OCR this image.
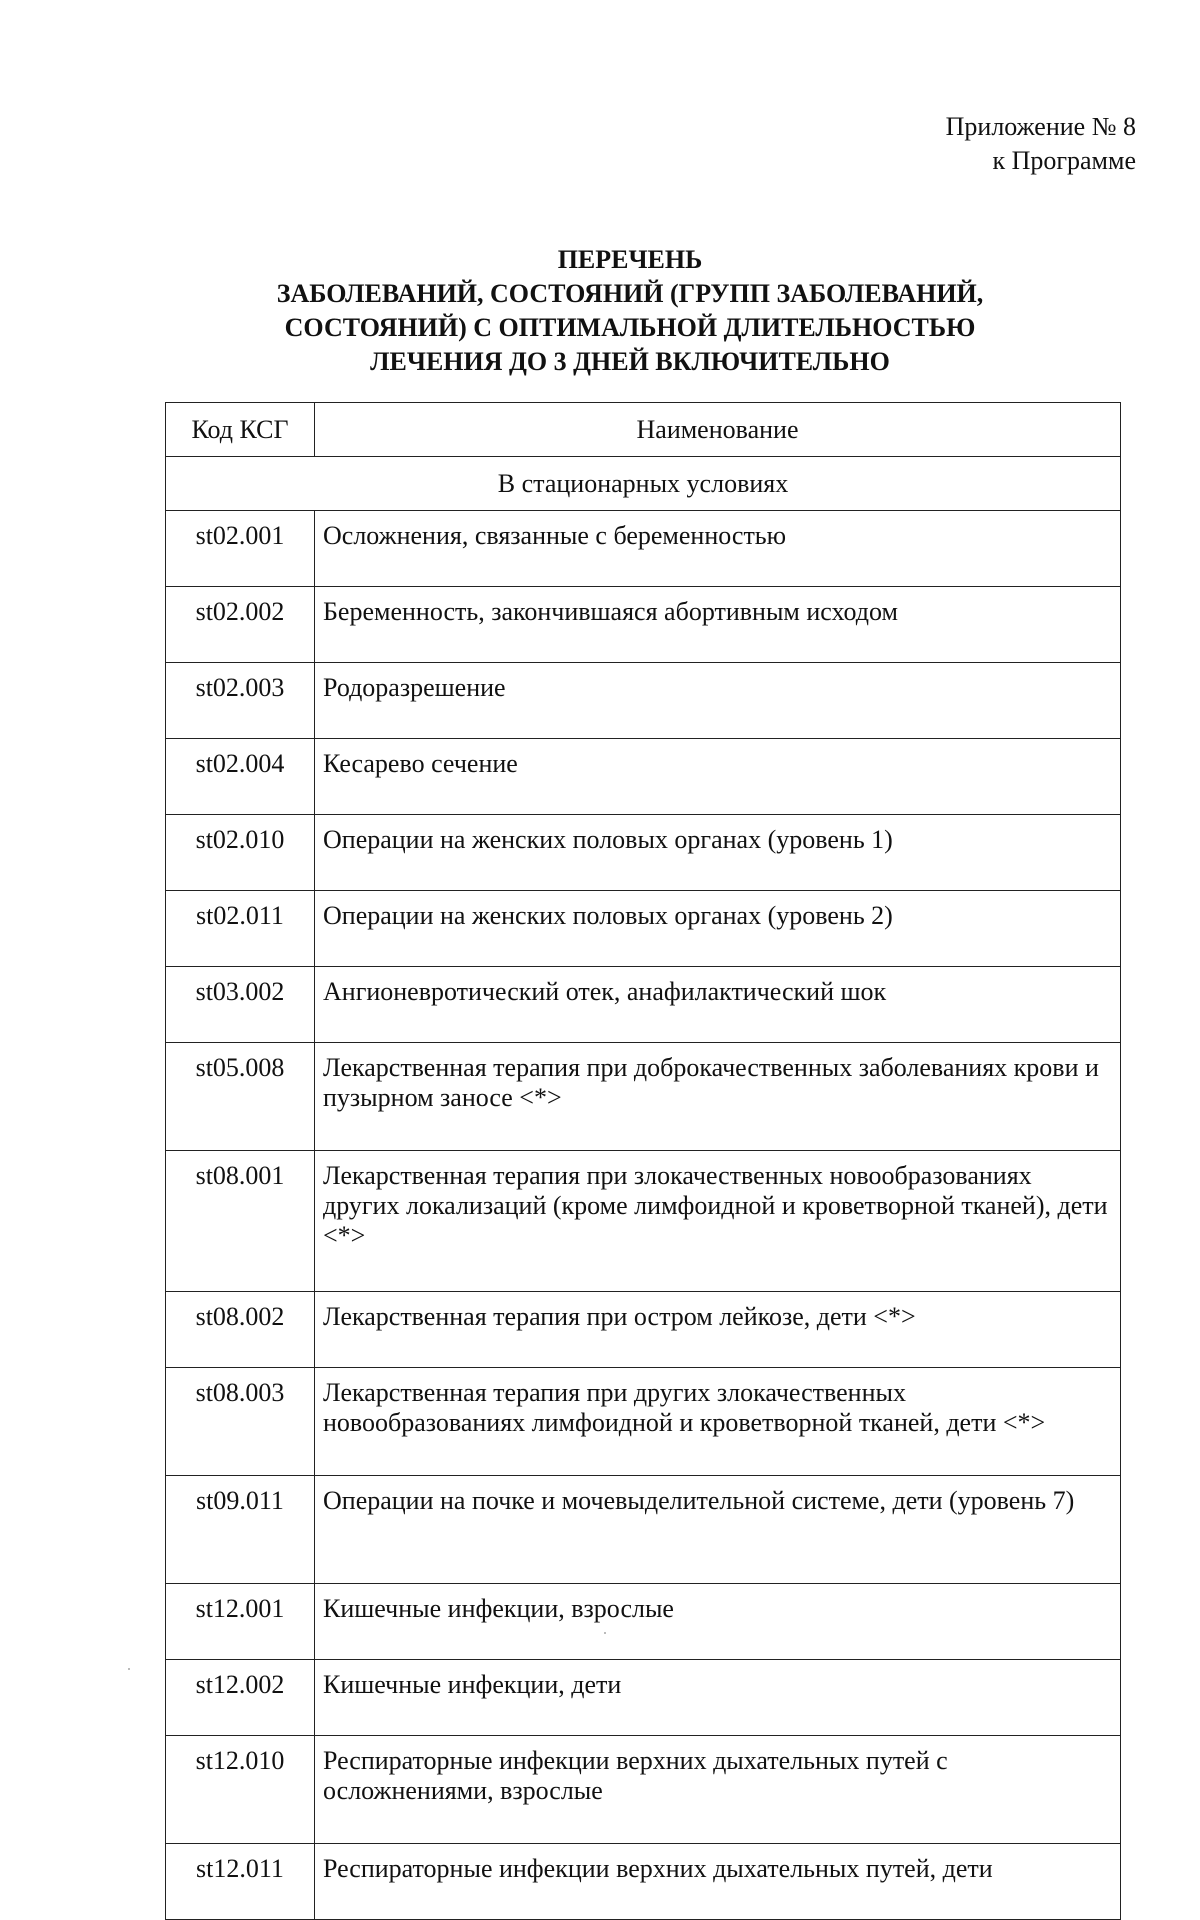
Приложение № 8
к Программе
ПЕРЕЧЕНЬ
ЗАБОЛЕВАНИЙ, СОСТОЯНИЙ (ГРУПП ЗАБОЛЕВАНИЙ,
СОСТОЯНИЙ) С ОПТИМАЛЬНОЙ ДЛИТЕЛЬНОСТЬЮ
ЛЕЧЕНИЯ ДО 3 ДНЕЙ ВКЛЮЧИТЕЛЬНО
Код КСГ	Наименование
В стационарных условиях	
st02.001	Осложнения, связанные с беременностью
st02.002	Беременность, закончившаяся абортивным исходом
st02.003	Родоразрешение
st02.004	Кесарево сечение
st02.010	Операции на женских половых органах (уровень 1)
st02.011	Операции на женских половых органах (уровень 2)
st03.002	Ангионевротический отек, анафилактический шок
st05.008	Лекарственная терапия при доброкачественных заболеваниях крови и пузырном заносе <*>
st08.001	Лекарственная терапия при злокачественных новообразованиях других локализаций (кроме лимфоидной и кроветворной тканей), дети <*>
st08.002	Лекарственная терапия при остром лейкозе, дети <*>
st08.003	Лекарственная терапия при других злокачественных новообразованиях лимфоидной и кроветворной тканей, дети <*>
st09.011	Операции на почке и мочевыделительной системе, дети (уровень 7)
st12.001	Кишечные инфекции, взрослые
st12.002	Кишечные инфекции, дети
st12.010	Респираторные инфекции верхних дыхательных путей с осложнениями, взрослые
st12.011	Респираторные инфекции верхних дыхательных путей, дети
